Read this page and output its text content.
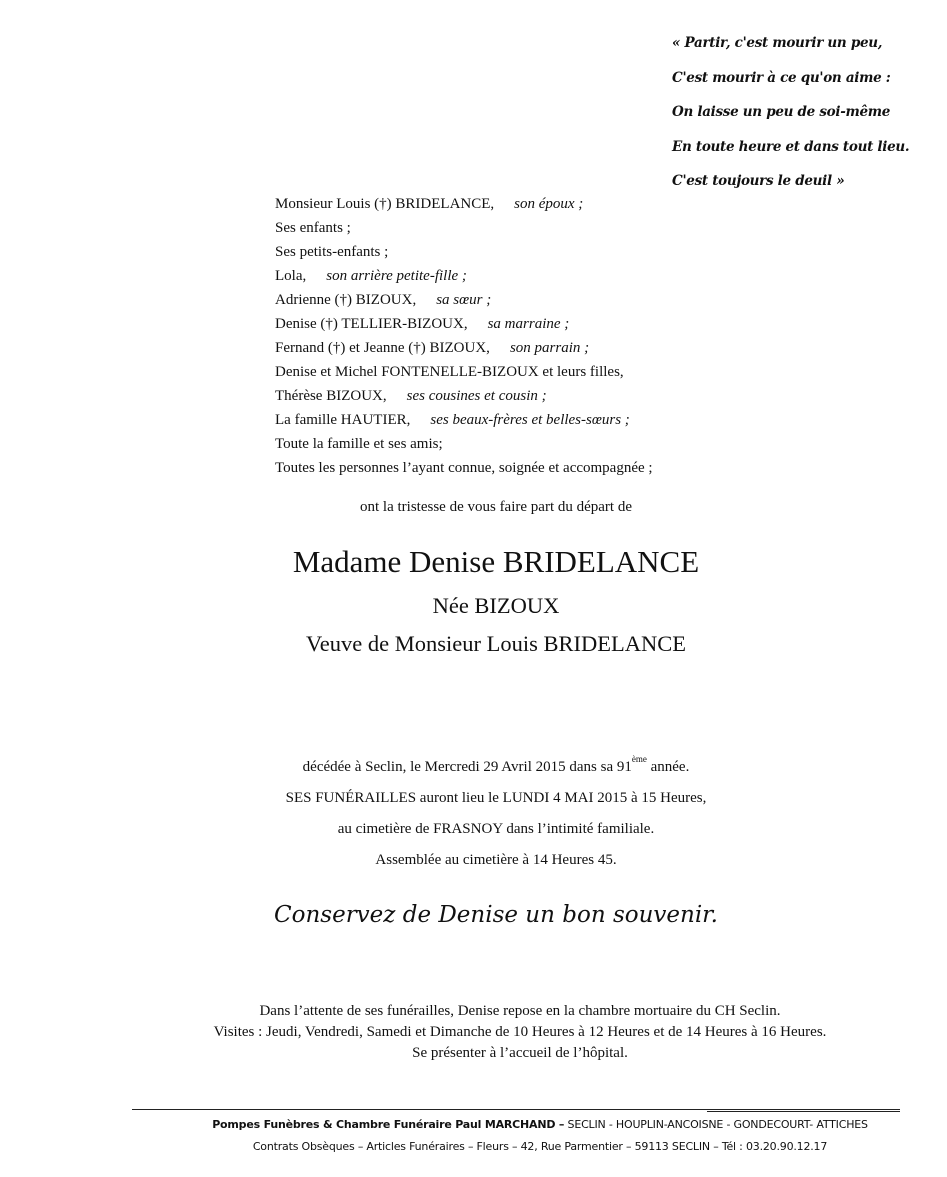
« Partir, c'est mourir un peu,
C'est mourir à ce qu'on aime :
On laisse un peu de soi-même
En toute heure et dans tout lieu.
C'est toujours le deuil »
Monsieur Louis (†) BRIDELANCE, son époux ;
Ses enfants ;
Ses petits-enfants ;
Lola, son arrière petite-fille ;
Adrienne (†) BIZOUX, sa sœur ;
Denise (†) TELLIER-BIZOUX, sa marraine ;
Fernand (†) et Jeanne (†) BIZOUX, son parrain ;
Denise et Michel FONTENELLE-BIZOUX et leurs filles,
Thérèse BIZOUX, ses cousines et cousin ;
La famille HAUTIER, ses beaux-frères et belles-sœurs ;
Toute la famille et ses amis;
Toutes les personnes l’ayant connue, soignée et accompagnée ;
ont la tristesse de vous faire part du départ de
Madame Denise BRIDELANCE
Née BIZOUX
Veuve de Monsieur Louis BRIDELANCE
décédée à Seclin, le Mercredi 29 Avril 2015 dans sa 91ème année.
SES FUNÉRAILLES auront lieu le LUNDI 4 MAI 2015 à 15 Heures,
au cimetière de FRASNOY dans l’intimité familiale.
Assemblée au cimetière à 14 Heures 45.
Conservez de Denise un bon souvenir.
Dans l’attente de ses funérailles, Denise repose en la chambre mortuaire du CH Seclin.
Visites : Jeudi, Vendredi, Samedi et Dimanche de 10 Heures à 12 Heures et de 14 Heures à 16 Heures.
Se présenter à l’accueil de l’hôpital.
Pompes Funèbres & Chambre Funéraire Paul MARCHAND – SECLIN - HOUPLIN-ANCOISNE - GONDECOURT- ATTICHES
Contrats Obsèques – Articles Funéraires – Fleurs – 42, Rue Parmentier – 59113 SECLIN – Tél : 03.20.90.12.17
